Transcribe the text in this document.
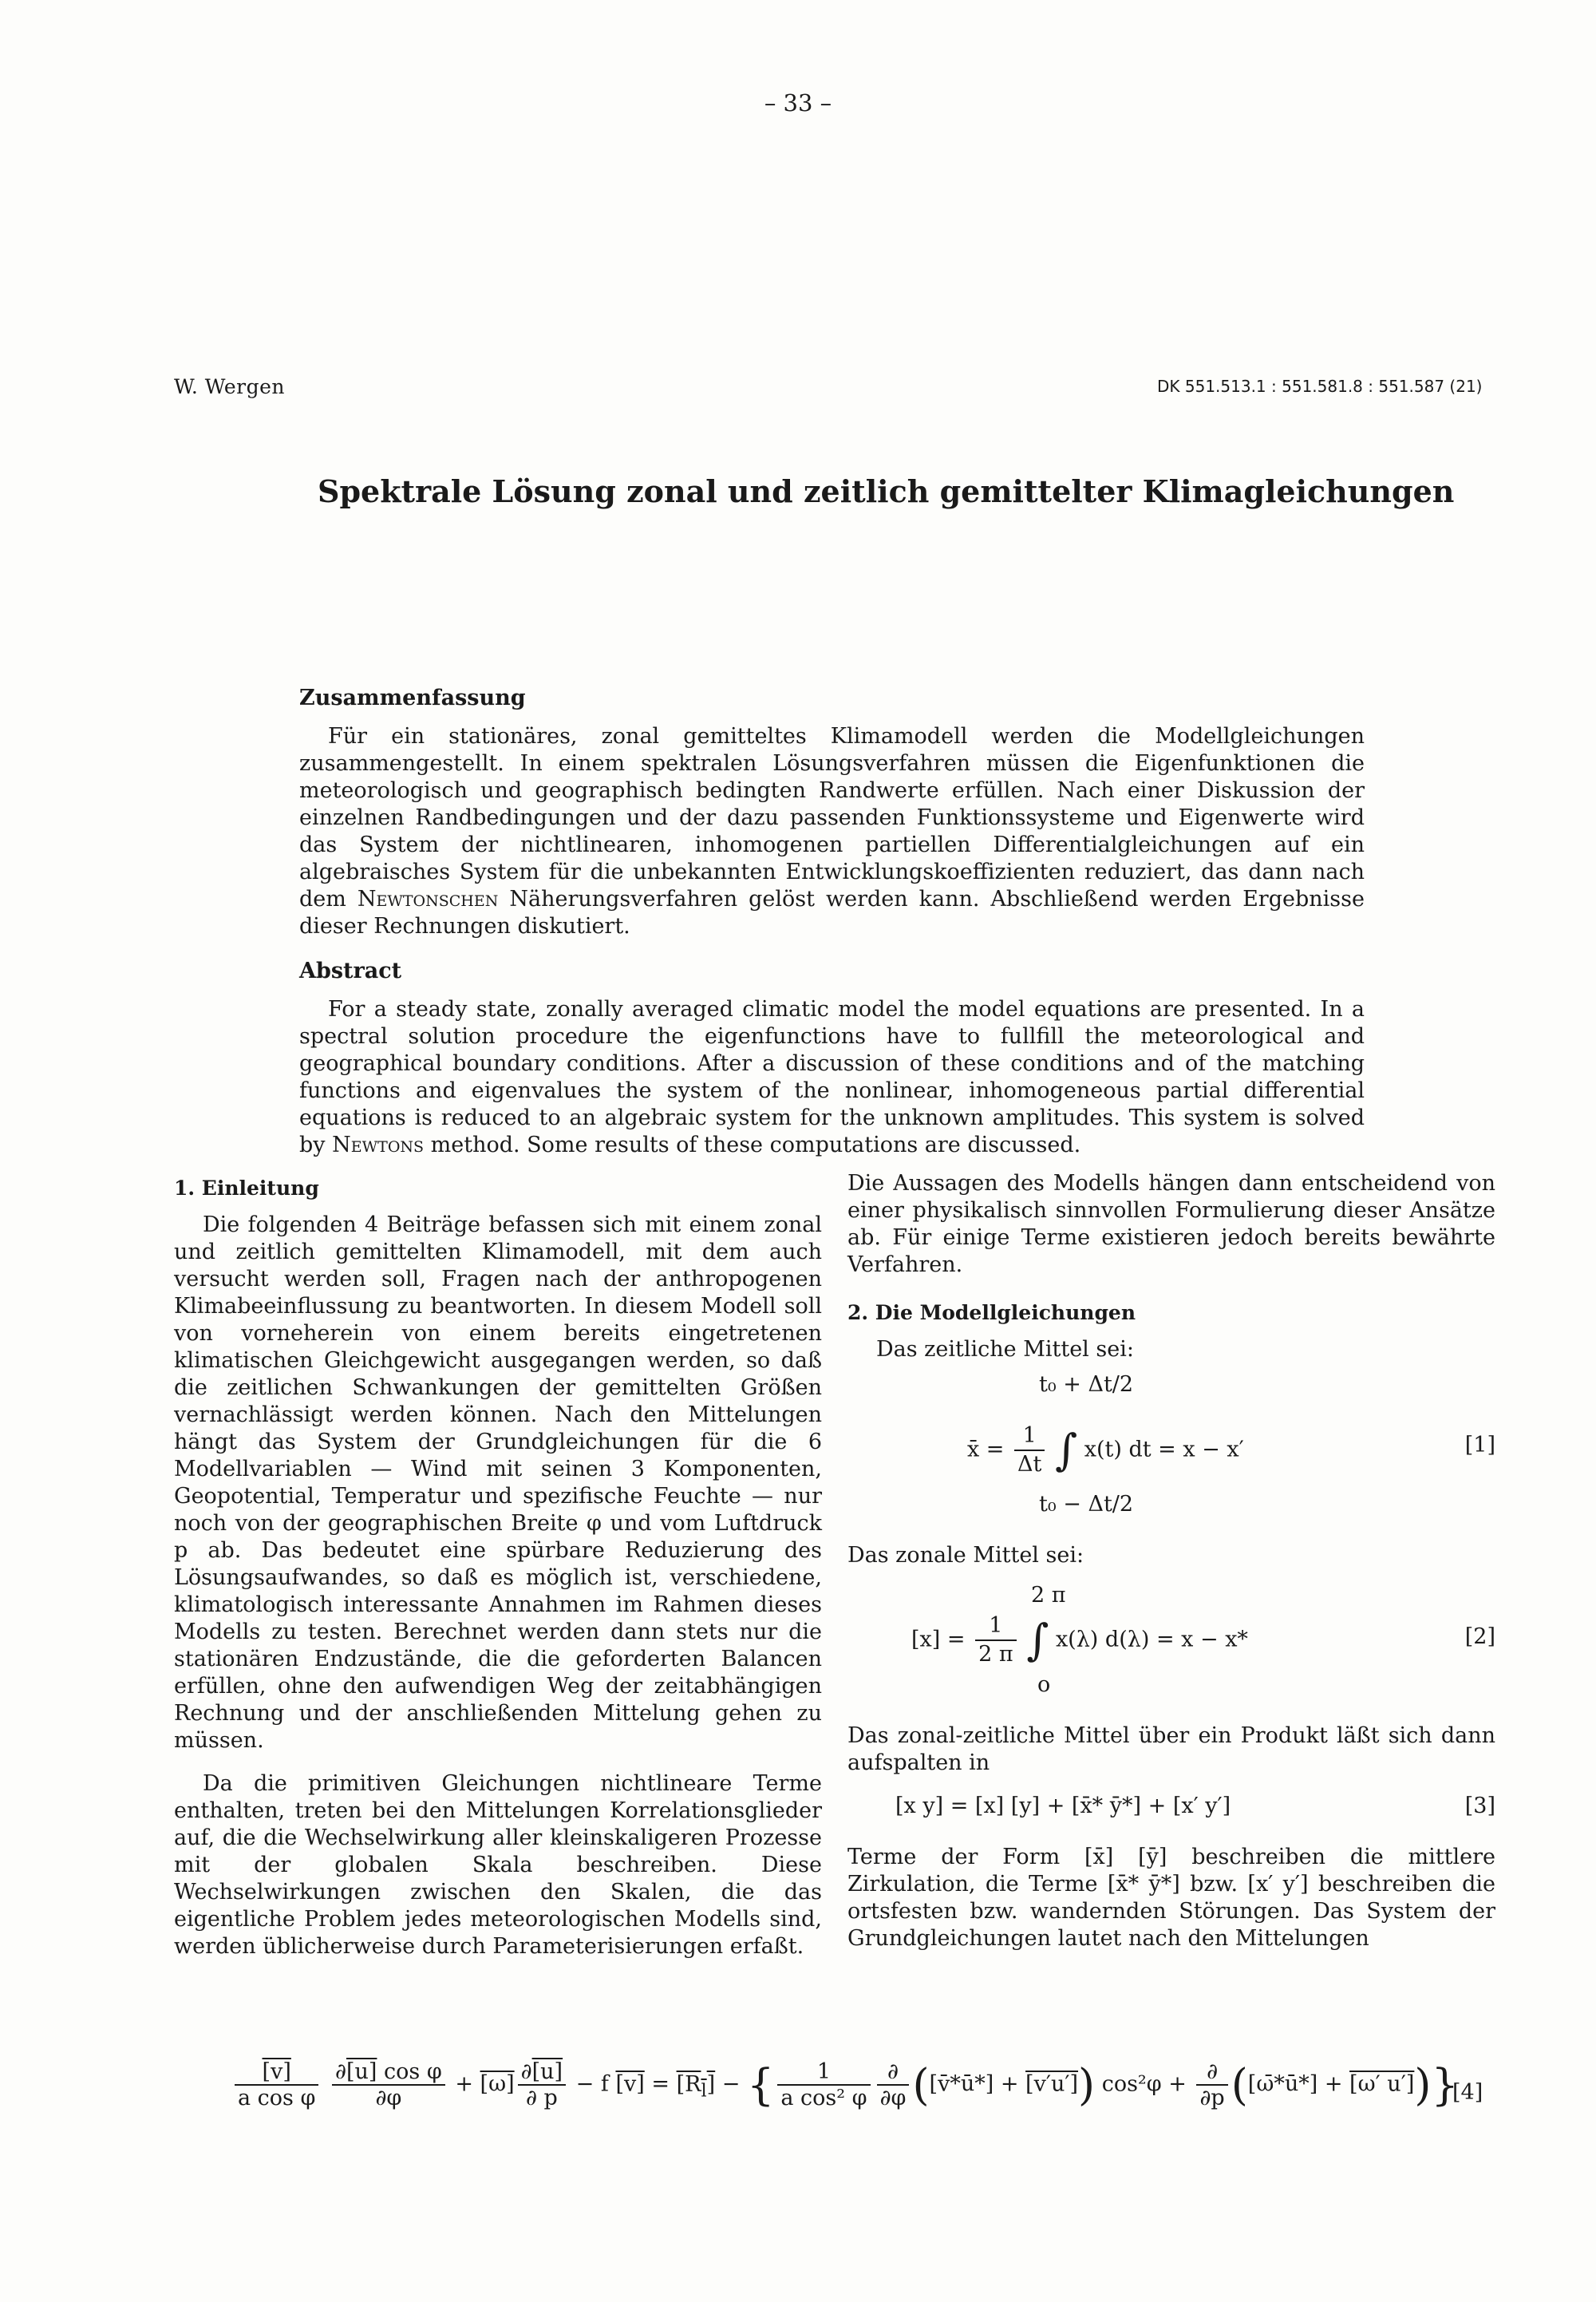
– 33 –
W. Wergen	DK 551.513.1 : 551.581.8 : 551.587 (21)
Spektrale Lösung zonal und zeitlich gemittelter Klimagleichungen
Zusammenfassung

Für ein stationäres, zonal gemitteltes Klimamodell werden die Modellgleichungen zusammengestellt. In einem spektralen Lösungsverfahren müssen die Eigenfunktionen die meteorologisch und geographisch bedingten Randwerte erfüllen. Nach einer Diskussion der einzelnen Randbedingungen und der dazu passenden Funktionssysteme und Eigenwerte wird das System der nichtlinearen, inhomogenen partiellen Differentialgleichungen auf ein algebraisches System für die unbekannten Entwicklungskoeffizienten reduziert, das dann nach dem Newtonschen Näherungsverfahren gelöst werden kann. Abschließend werden Ergebnisse dieser Rechnungen diskutiert.

Abstract

For a steady state, zonally averaged climatic model the model equations are presented. In a spectral solution procedure the eigenfunctions have to fullfill the meteorological and geographical boundary conditions. After a discussion of these conditions and of the matching functions and eigenvalues the system of the nonlinear, inhomogeneous partial differential equations is reduced to an algebraic system for the unknown amplitudes. This system is solved by Newtons method. Some results of these computations are discussed.

1. Einleitung

Die folgenden 4 Beiträge befassen sich mit einem zonal und zeitlich gemittelten Klimamodell, mit dem auch versucht werden soll, Fragen nach der anthropogenen Klimabeeinflussung zu beantworten. In diesem Modell soll von vorneherein von einem bereits eingetretenen klimatischen Gleichgewicht ausgegangen werden, so daß die zeitlichen Schwankungen der gemittelten Größen vernachlässigt werden können. Nach den Mittelungen hängt das System der Grundgleichungen für die 6 Modellvariablen — Wind mit seinen 3 Komponenten, Geopotential, Temperatur und spezifische Feuchte — nur noch von der geographischen Breite φ und vom Luftdruck p ab. Das bedeutet eine spürbare Reduzierung des Lösungsaufwandes, so daß es möglich ist, verschiedene, klimatologisch interessante Annahmen im Rahmen dieses Modells zu testen. Berechnet werden dann stets nur die stationären Endzustände, die die geforderten Balancen erfüllen, ohne den aufwendigen Weg der zeitabhängigen Rechnung und der anschließenden Mittelung gehen zu müssen.

Da die primitiven Gleichungen nichtlineare Terme enthalten, treten bei den Mittelungen Korrelationsglieder auf, die die Wechselwirkung aller kleinskaligeren Prozesse mit der globalen Skala beschreiben. Diese Wechselwirkungen zwischen den Skalen, die das eigentliche Problem jedes meteorologischen Modells sind, werden üblicherweise durch Parameterisierungen erfaßt.

Die Aussagen des Modells hängen dann entscheidend von einer physikalisch sinnvollen Formulierung dieser Ansätze ab. Für einige Terme existieren jedoch bereits bewährte Verfahren.

2. Die Modellgleichungen

Das zeitliche Mittel sei:

t₀ + Δt/2
x̄ = $\frac{1}{\Delta t}$ ∫ x(t) dt = x − x′
t₀ − Δt/2
[1]

Das zonale Mittel sei:

2 π
$[x] = \frac{1}{2 \pi}$ ∫ x(λ) d(λ) = x − x*
o
[2]

Das zonal-zeitliche Mittel über ein Produkt läßt sich dann aufspalten in

[x y] = [x] [y] + [x̄* ȳ*] + [x′ y′]	[3]

Terme der Form [x̄] [ȳ] beschreiben die mittlere Zirkulation, die Terme [x̄* ȳ*] bzw. [x′ y′] beschreiben die ortsfesten bzw. wandernden Störungen. Das System der Grundgleichungen lautet nach den Mittelungen

$\frac{[v]}{\text{a cos φ}}$
$\frac{\text{∂[u] cos φ}}{\partial\varphi} + [\omega] \frac{\partial[u]}{\partial p} - f$ $[v] = [R_l]$ − { $\frac{1}{\text{a cos² φ}} \frac{\partial}{\partial\varphi}$ ([v̄*ū*] + [v′u′]) $\cos^2\varphi + \frac{\partial}{\partial p}$ ([ω̄*ū*] + [ω′ u′])}
[4]
